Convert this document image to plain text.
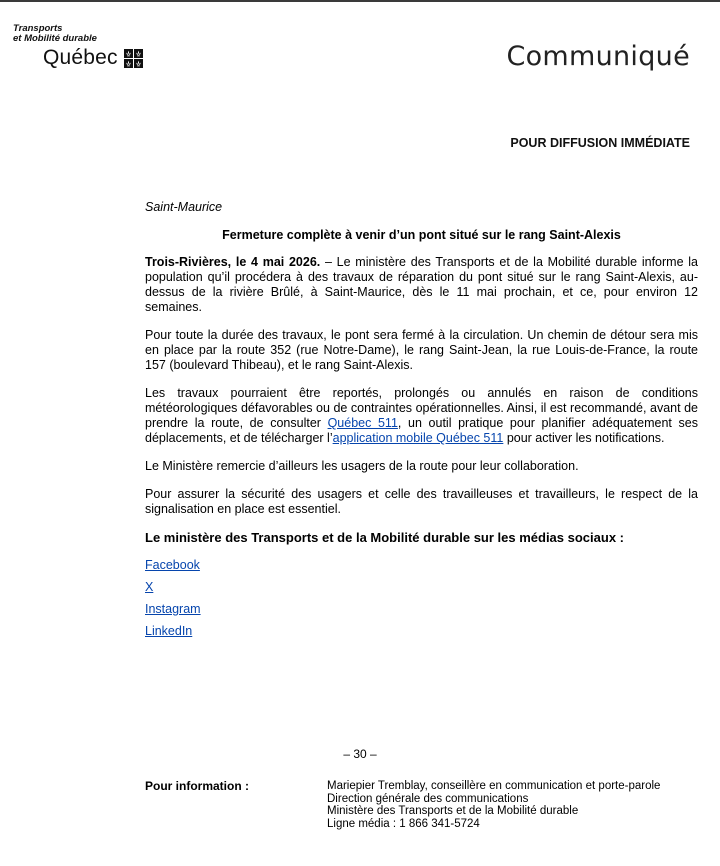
Transports
et Mobilité durable
Québec	Communiqué
POUR DIFFUSION IMMÉDIATE

Saint-Maurice

Fermeture complète à venir d’un pont situé sur le rang Saint-Alexis

Trois-Rivières, le 4 mai 2026. – Le ministère des Transports et de la Mobilité durable informe la population qu’il procédera à des travaux de réparation du pont situé sur le rang Saint-Alexis, au-dessus de la rivière Brûlé, à Saint-Maurice, dès le 11 mai prochain, et ce, pour environ 12 semaines.

Pour toute la durée des travaux, le pont sera fermé à la circulation. Un chemin de détour sera mis en place par la route 352 (rue Notre-Dame), le rang Saint-Jean, la rue Louis-de-France, la route 157 (boulevard Thibeau), et le rang Saint-Alexis.

Les travaux pourraient être reportés, prolongés ou annulés en raison de conditions météorologiques défavorables ou de contraintes opérationnelles. Ainsi, il est recommandé, avant de prendre la route, de consulter Québec 511, un outil pratique pour planifier adéquatement ses déplacements, et de télécharger l’application mobile Québec 511 pour activer les notifications.

Le Ministère remercie d’ailleurs les usagers de la route pour leur collaboration.

Pour assurer la sécurité des usagers et celle des travailleuses et travailleurs, le respect de la signalisation en place est essentiel.

Le ministère des Transports et de la Mobilité durable sur les médias sociaux :

Facebook
X
Instagram
LinkedIn
– 30 –
Pour information :	Mariepier Tremblay, conseillère en communication et porte-parole
Direction générale des communications
Ministère des Transports et de la Mobilité durable
Ligne média : 1 866 341-5724
